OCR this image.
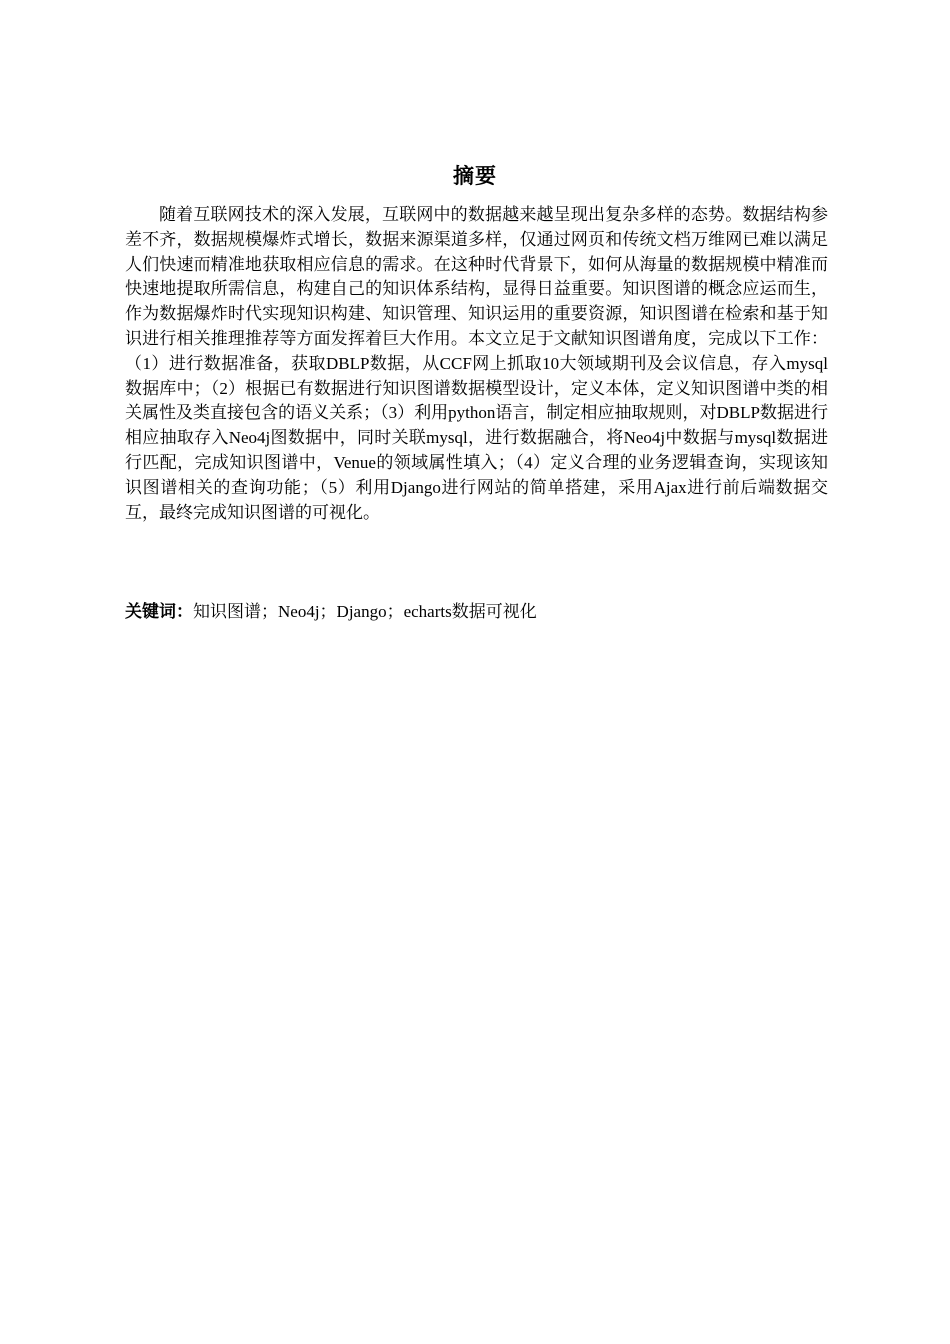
摘要

随着互联网技术的深入发展，互联网中的数据越来越呈现出复杂多样的态势。数据结构参差不齐，数据规模爆炸式增长，数据来源渠道多样，仅通过网页和传统文档万维网已难以满足人们快速而精准地获取相应信息的需求。在这种时代背景下，如何从海量的数据规模中精准而快速地提取所需信息，构建自己的知识体系结构，显得日益重要。知识图谱的概念应运而生，作为数据爆炸时代实现知识构建、知识管理、知识运用的重要资源，知识图谱在检索和基于知识进行相关推理推荐等方面发挥着巨大作用。本文立足于文献知识图谱角度，完成以下工作：（1）进行数据准备，获取DBLP数据，从CCF网上抓取10大领域期刊及会议信息，存入mysql数据库中；（2）根据已有数据进行知识图谱数据模型设计，定义本体，定义知识图谱中类的相关属性及类直接包含的语义关系；（3）利用python语言，制定相应抽取规则，对DBLP数据进行相应抽取存入Neo4j图数据中，同时关联mysql，进行数据融合，将Neo4j中数据与mysql数据进行匹配，完成知识图谱中，Venue的领域属性填入；（4）定义合理的业务逻辑查询，实现该知识图谱相关的查询功能；（5）利用Django进行网站的简单搭建，采用Ajax进行前后端数据交互，最终完成知识图谱的可视化。

关键词：知识图谱；Neo4j；Django；echarts数据可视化
